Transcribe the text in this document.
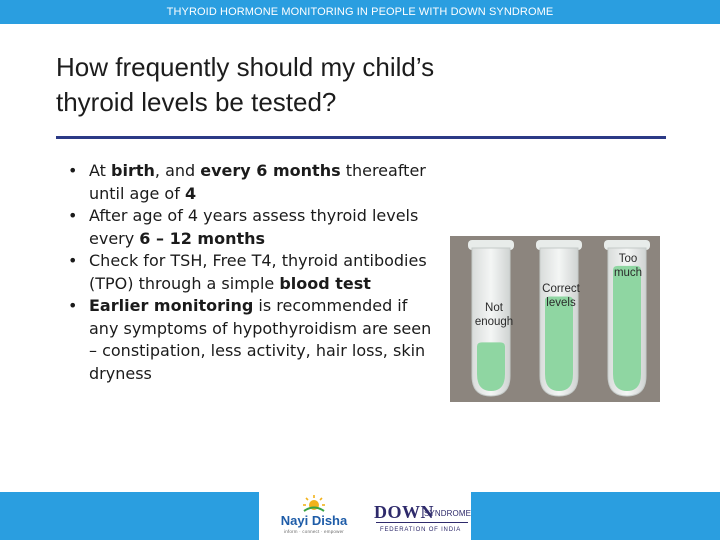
THYROID HORMONE MONITORING IN PEOPLE WITH DOWN SYNDROME
How frequently should my child’s
thyroid levels be tested?
• At birth, and every 6 months thereafter until age of 4
• After age of 4 years assess thyroid levels every 6 – 12 months
• Check for TSH, Free T4, thyroid antibodies (TPO) through a simple blood test
• Earlier monitoring is recommended if any symptoms of hypothyroidism are seen – constipation, less activity, hair loss, skin dryness
Not
enough
Correct
levels
Too
much
Nayi Disha
inform · connect · empower
DOWN
SYNDROME
FEDERATION OF INDIA
